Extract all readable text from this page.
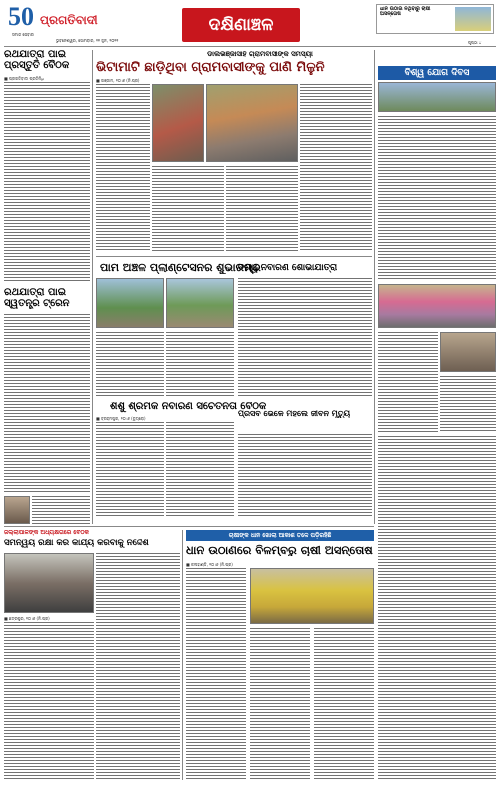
50
ସମାଜ ସେବାର
ପ୍ରଗତିବାଦୀ
ଭୁବନେଶ୍ୱର, ସୋମବାର, ୨୧ ଜୁନ, ୨୦୨୧
ଦକ୍ଷିଣାଞ୍ଚଳ
ଧାନ ଉଠାଉ ନଥିବାରୁ ଚାଷୀ ଅସନ୍ତୋଷ
ପୃଷ୍ଠା ୪
ରଥଯାତ୍ରା ପାଇଁ ପ୍ରସ୍ତୁତି ବୈଠକ
■ ପ୍ରଗତିବାଦୀ ପ୍ରତିନିଧି
ରଥଯାତ୍ରା ପାଇଁ ସ୍ୱତନ୍ତ୍ର ଟ୍ରେନ
ଡାଲଭଞ୍ଜାସାହି ଗ୍ରାମବାସୀଙ୍କ ସମସ୍ୟା
ଭିଟାମାଟି ଛାଡ଼ିଥିବା ଗ୍ରାମବାସୀଙ୍କୁ ପାଣି ମିଳୁନି
■ ଗଞ୍ଜାମ, ୨୦।୬ (ନି.ପ୍ର)
ପାମ ଅଞ୍ଚଳ ପ୍ଲାଣ୍ଟେସନର ଶୁଭାରମ୍ଭ
ବିଶ୍ୱ ନିବାରଣ ଶୋଭାଯାତ୍ରା
ଶିଶୁ ଶ୍ରମିକ ନିବାରଣ ସଚେତନତା ବୈଠକ
■ ବ୍ରହ୍ମପୁର, ୨୦।୬ (ବ୍ୟୁରୋ)
ପ୍ରସବ ଭେଳେ ମହଲେ ଜୀବନ ମୃତ୍ୟୁ
ବିଶ୍ୱ ଯୋଗ ଦିବସ
ଜିଲ୍ଲାପାଳଙ୍କ ଅଧ୍ୟକ୍ଷତାରେ ବୈଠକ
ସମନ୍ୱୟ ରକ୍ଷା କରି କାର୍ଯ୍ୟ କରିବାକୁ ନିର୍ଦ୍ଦେଶ
■ ଛତ୍ରପୁର, ୨୦।୬ (ନି.ପ୍ର)
ଚାଷୀଙ୍କ ଧାନ ଖୋଲା ଆକାଶ ତଳେ ପଡ଼ିରହିଛି
ଧାନ ଉଠାଣରେ ବିଳମ୍ବରୁ ଚାଷୀ ଅସନ୍ତୋଷ
■ କଳାହାଣ୍ଡି, ୨୦।୬ (ନି.ପ୍ର)
